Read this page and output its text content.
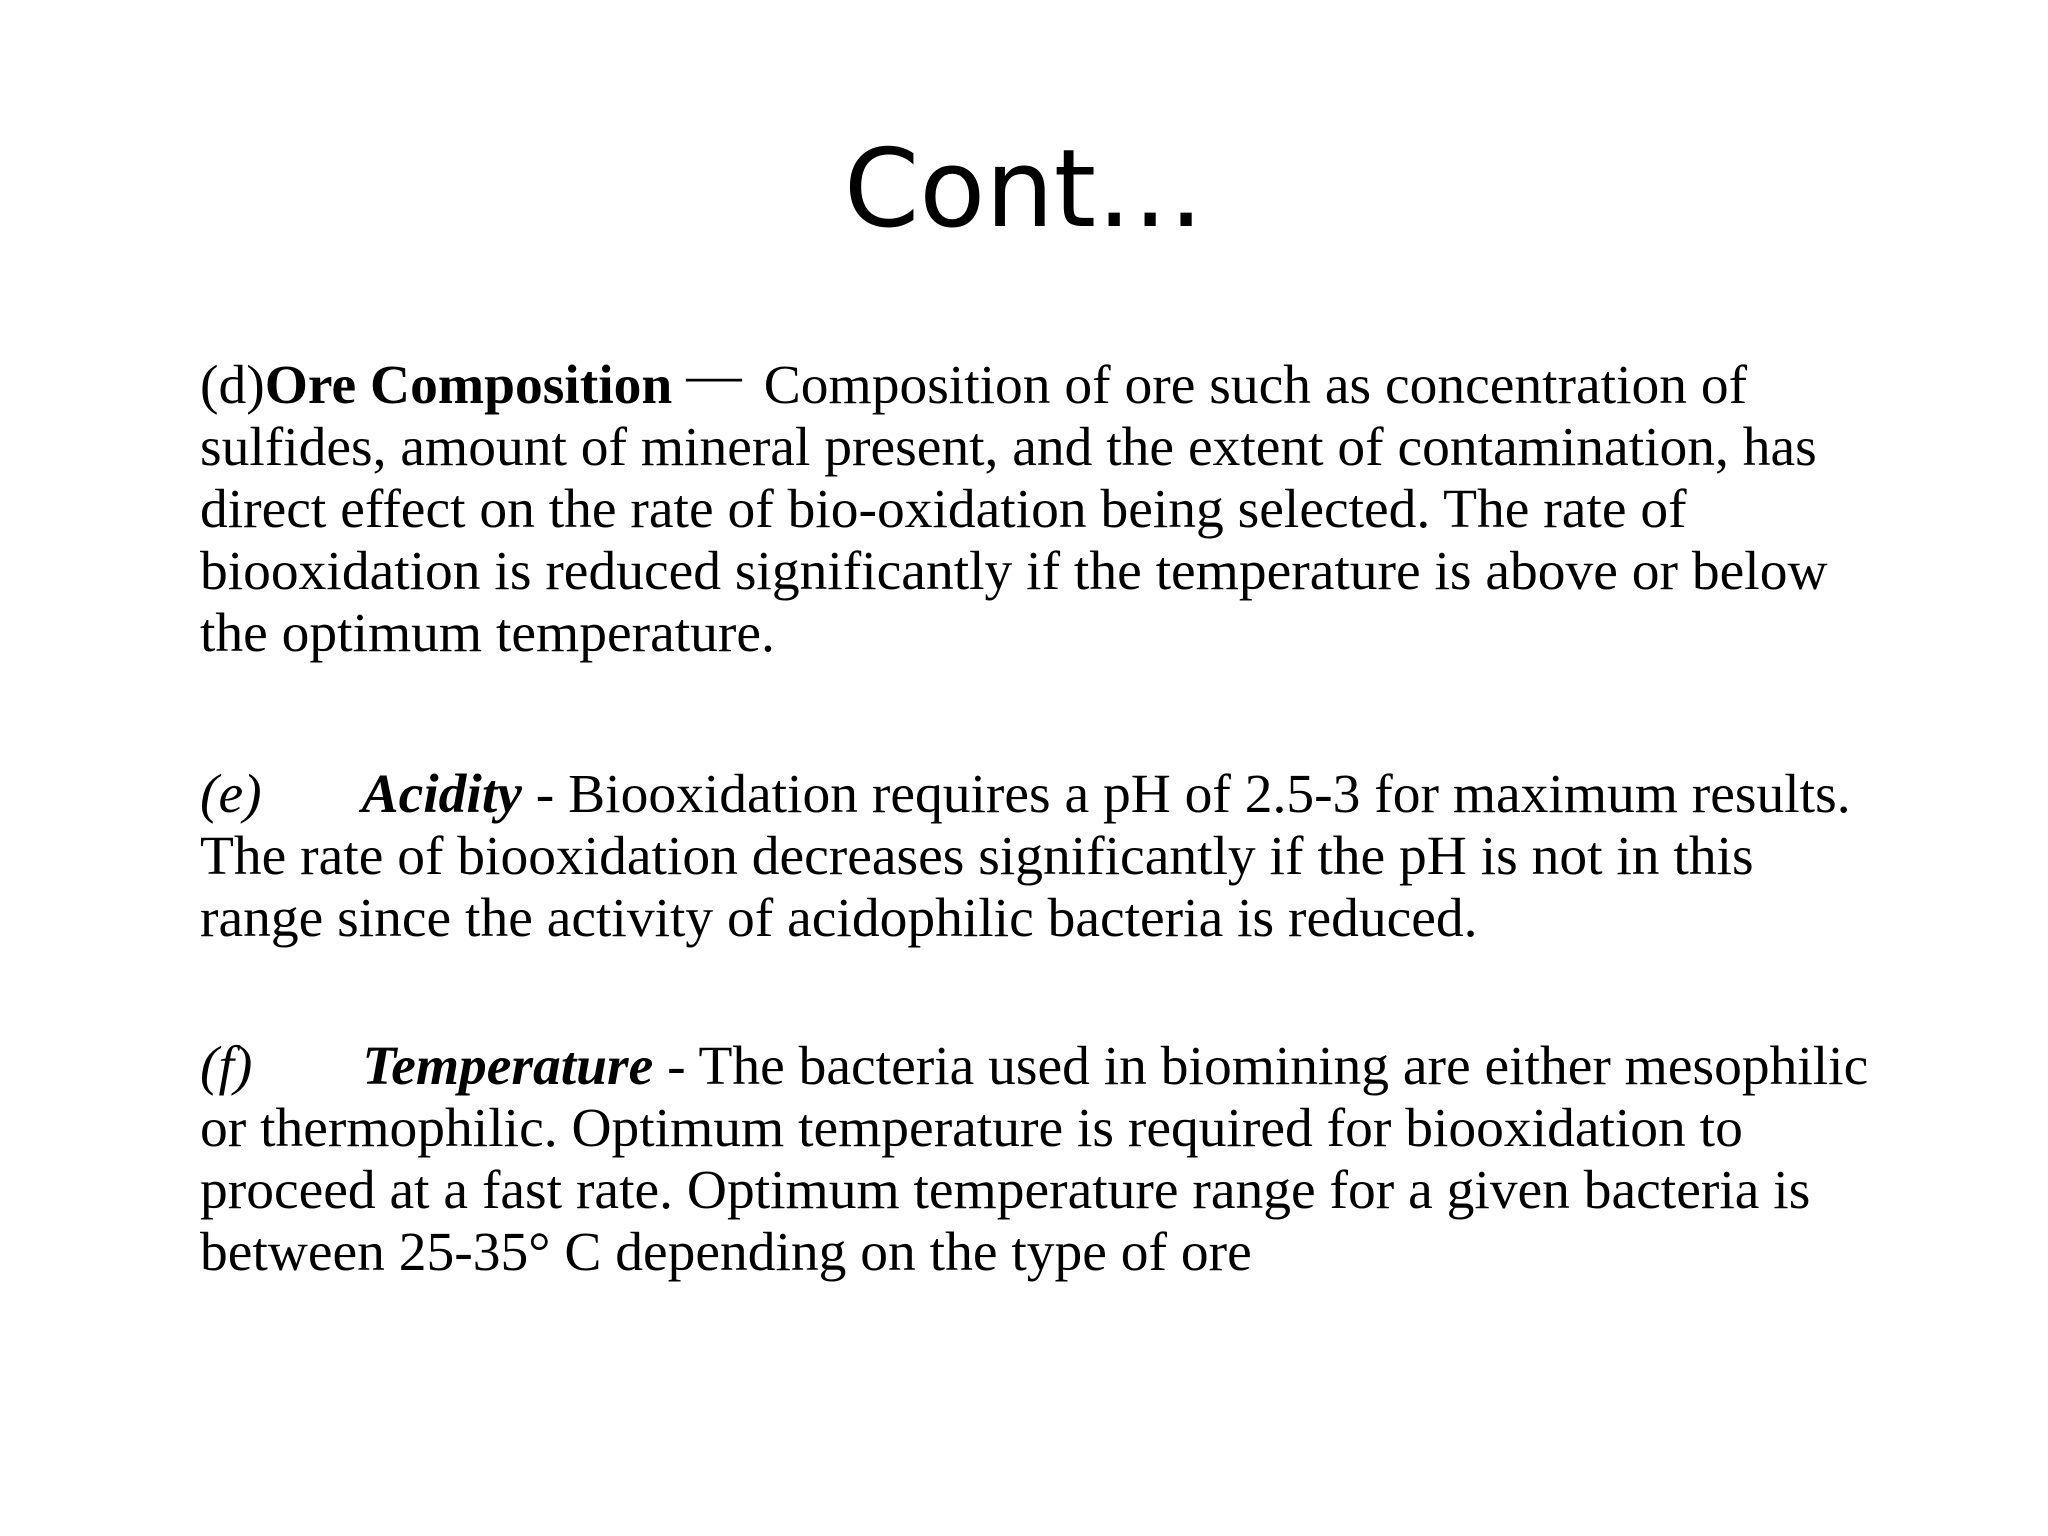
Cont…

(d)Ore Composition — Composition of ore such as concentration of
sulfides, amount of mineral present, and the extent of contamination, has
direct effect on the rate of bio-oxidation being selected. The rate of
biooxidation is reduced significantly if the temperature is above or below
the optimum temperature.

(e) Acidity - Biooxidation requires a pH of 2.5-3 for maximum results.
The rate of biooxidation decreases significantly if the pH is not in this
range since the activity of acidophilic bacteria is reduced.

(f) Temperature - The bacteria used in biomining are either mesophilic
or thermophilic. Optimum temperature is required for biooxidation to
proceed at a fast rate. Optimum temperature range for a given bacteria is
between 25-35° C depending on the type of ore
